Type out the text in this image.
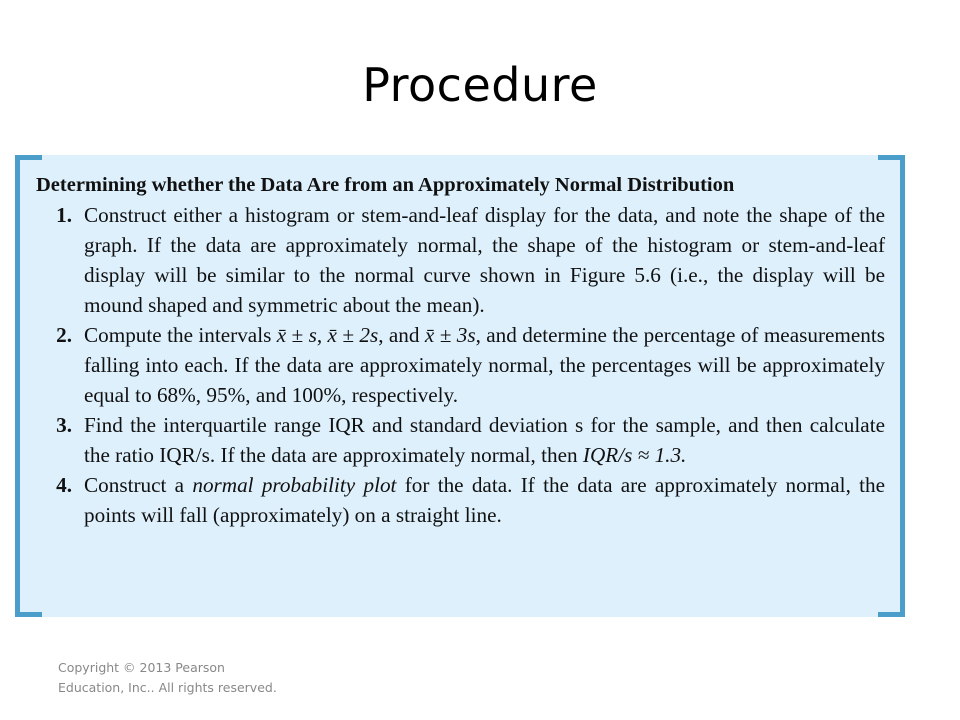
Procedure
Determining whether the Data Are from an Approximately Normal Distribution
1. Construct either a histogram or stem-and-leaf display for the data, and note the shape of the graph. If the data are approximately normal, the shape of the histogram or stem-and-leaf display will be similar to the normal curve shown in Figure 5.6 (i.e., the display will be mound shaped and symmetric about the mean).
2. Compute the intervals x̄ ± s, x̄ ± 2s, and x̄ ± 3s, and determine the percentage of measurements falling into each. If the data are approximately normal, the percentages will be approximately equal to 68%, 95%, and 100%, respectively.
3. Find the interquartile range IQR and standard deviation s for the sample, and then calculate the ratio IQR/s. If the data are approximately normal, then IQR/s ≈ 1.3.
4. Construct a normal probability plot for the data. If the data are approximately normal, the points will fall (approximately) on a straight line.
Copyright © 2013 Pearson Education, Inc.. All rights reserved.
